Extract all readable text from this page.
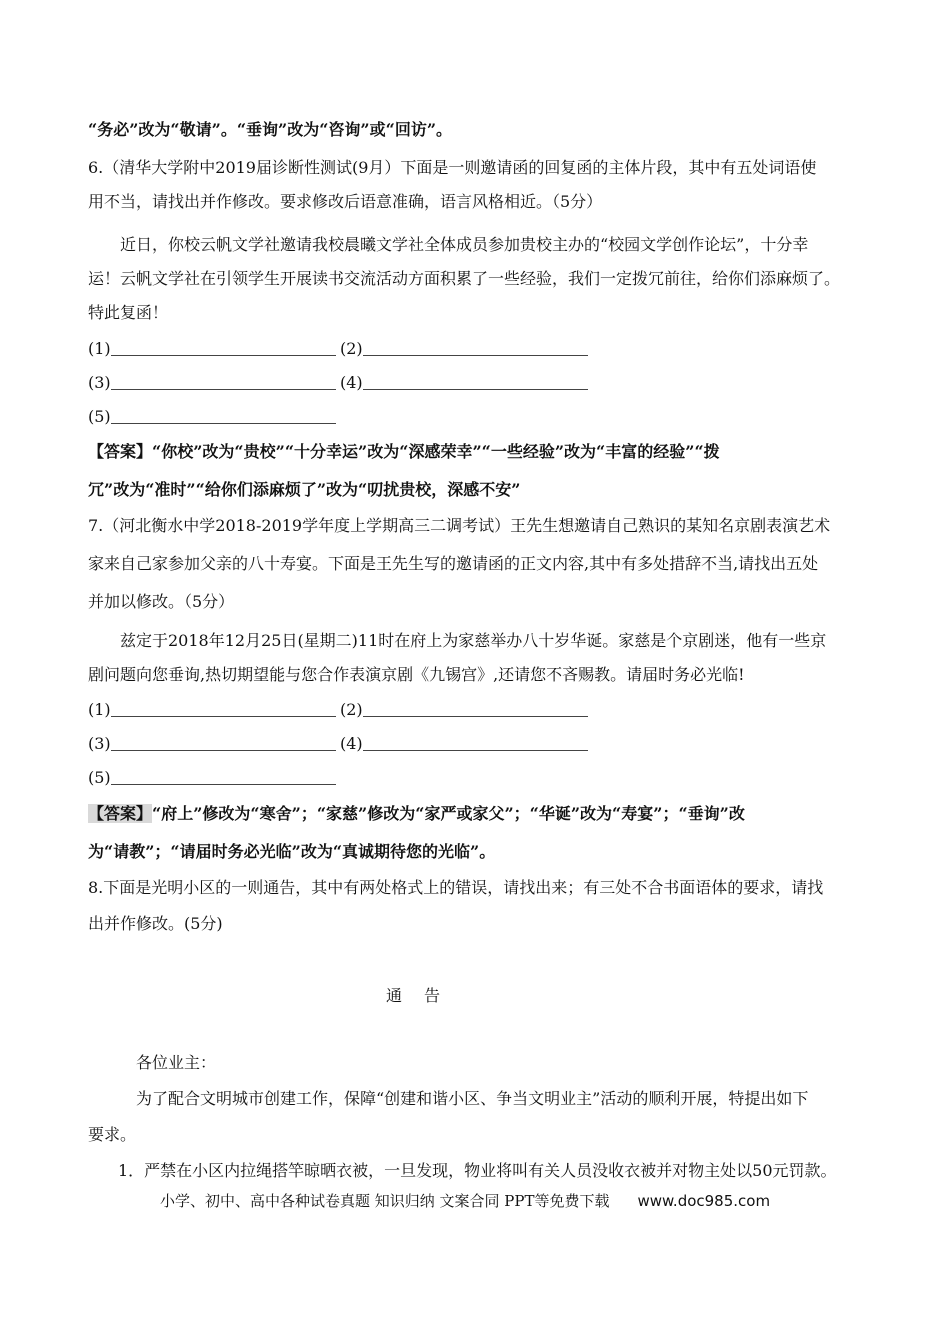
“务必”改为“敬请”。“垂询”改为“咨询”或“回访”。
6.（清华大学附中2019届诊断性测试(9月）下面是一则邀请函的回复函的主体片段，其中有五处词语使
用不当，请找出并作修改。要求修改后语意准确，语言风格相近。（5分）
近日，你校云帆文学社邀请我校晨曦文学社全体成员参加贵校主办的“校园文学创作论坛”，十分幸
运！云帆文学社在引领学生开展读书交流活动方面积累了一些经验，我们一定拨冗前往，给你们添麻烦了。
特此复函！
(1)	(2)
(3)	(4)
(5)
【答案】“你校”改为“贵校”“十分幸运”改为“深感荣幸”“一些经验”改为“丰富的经验”“拨
冗”改为“准时”“给你们添麻烦了”改为“叨扰贵校，深感不安”
7.（河北衡水中学2018-2019学年度上学期高三二调考试）王先生想邀请自己熟识的某知名京剧表演艺术
家来自己家参加父亲的八十寿宴。下面是王先生写的邀请函的正文内容,其中有多处措辞不当,请找出五处
并加以修改。（5分）
兹定于2018年12月25日(星期二)11时在府上为家慈举办八十岁华诞。家慈是个京剧迷，他有一些京
剧问题向您垂询,热切期望能与您合作表演京剧《九锡宫》,还请您不吝赐教。请届时务必光临!
(1)	(2)
(3)	(4)
(5)
【答案】“府上”修改为“寒舍”；“家慈”修改为“家严或家父”；“华诞”改为“寿宴”；“垂询”改
为“请教”；“请届时务必光临”改为“真诚期待您的光临”。
8.下面是光明小区的一则通告，其中有两处格式上的错误，请找出来；有三处不合书面语体的要求，请找
出并作修改。(5分)
通告
各位业主：
为了配合文明城市创建工作，保障“创建和谐小区、争当文明业主”活动的顺利开展，特提出如下
要求。
1．严禁在小区内拉绳搭竿晾晒衣被，一旦发现，物业将叫有关人员没收衣被并对物主处以50元罚款。
小学、初中、高中各种试卷真题 知识归纳 文案合同 PPT等免费下载 www.doc985.com
